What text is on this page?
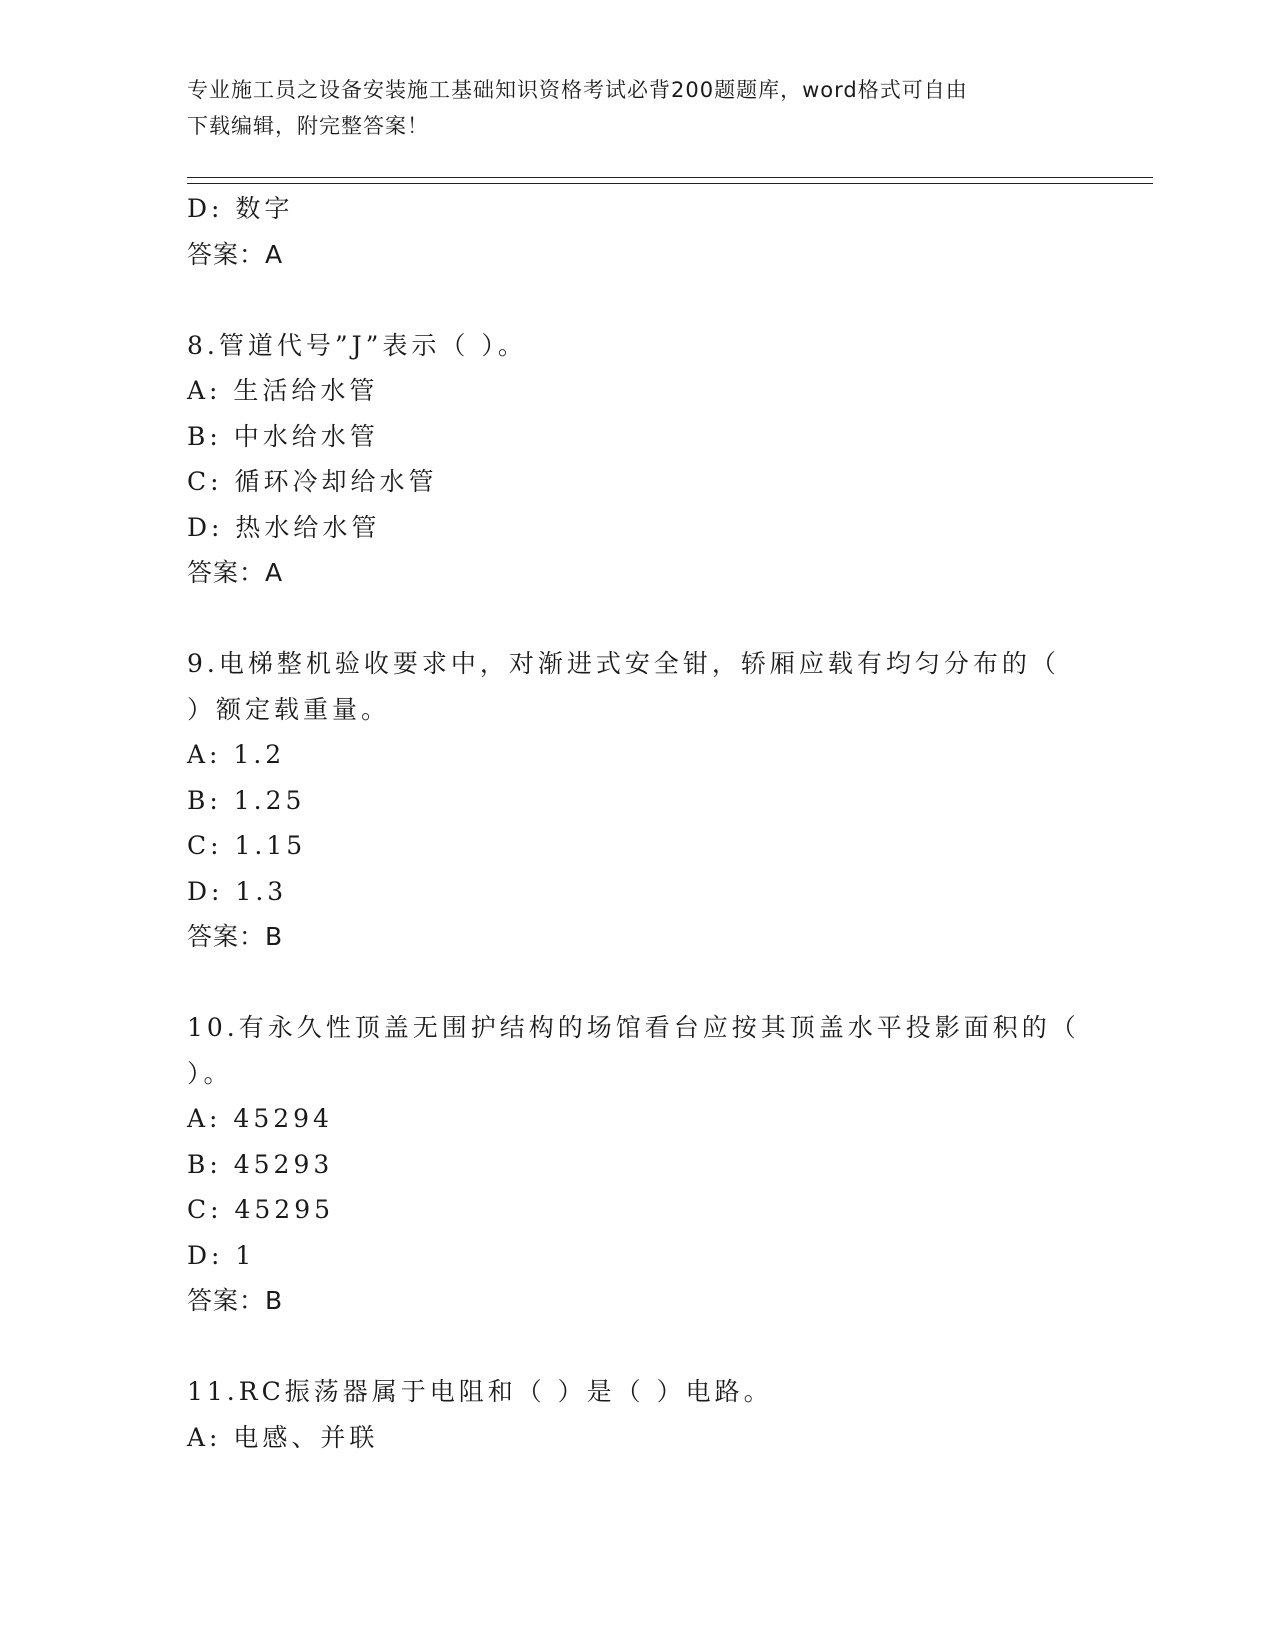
专业施工员之设备安装施工基础知识资格考试必背200题题库，word格式可自由
下载编辑，附完整答案！
D: 数字
答案：A
8.管道代号”J”表示（ ）。
A: 生活给水管
B: 中水给水管
C: 循环冷却给水管
D: 热水给水管
答案：A
9.电梯整机验收要求中，对渐进式安全钳，轿厢应载有均匀分布的（
）额定载重量。
A: 1.2
B: 1.25
C: 1.15
D: 1.3
答案：B
10.有永久性顶盖无围护结构的场馆看台应按其顶盖水平投影面积的（
）。
A: 45294
B: 45293
C: 45295
D: 1
答案：B
11.RC振荡器属于电阻和（ ）是（ ）电路。
A: 电感、并联
